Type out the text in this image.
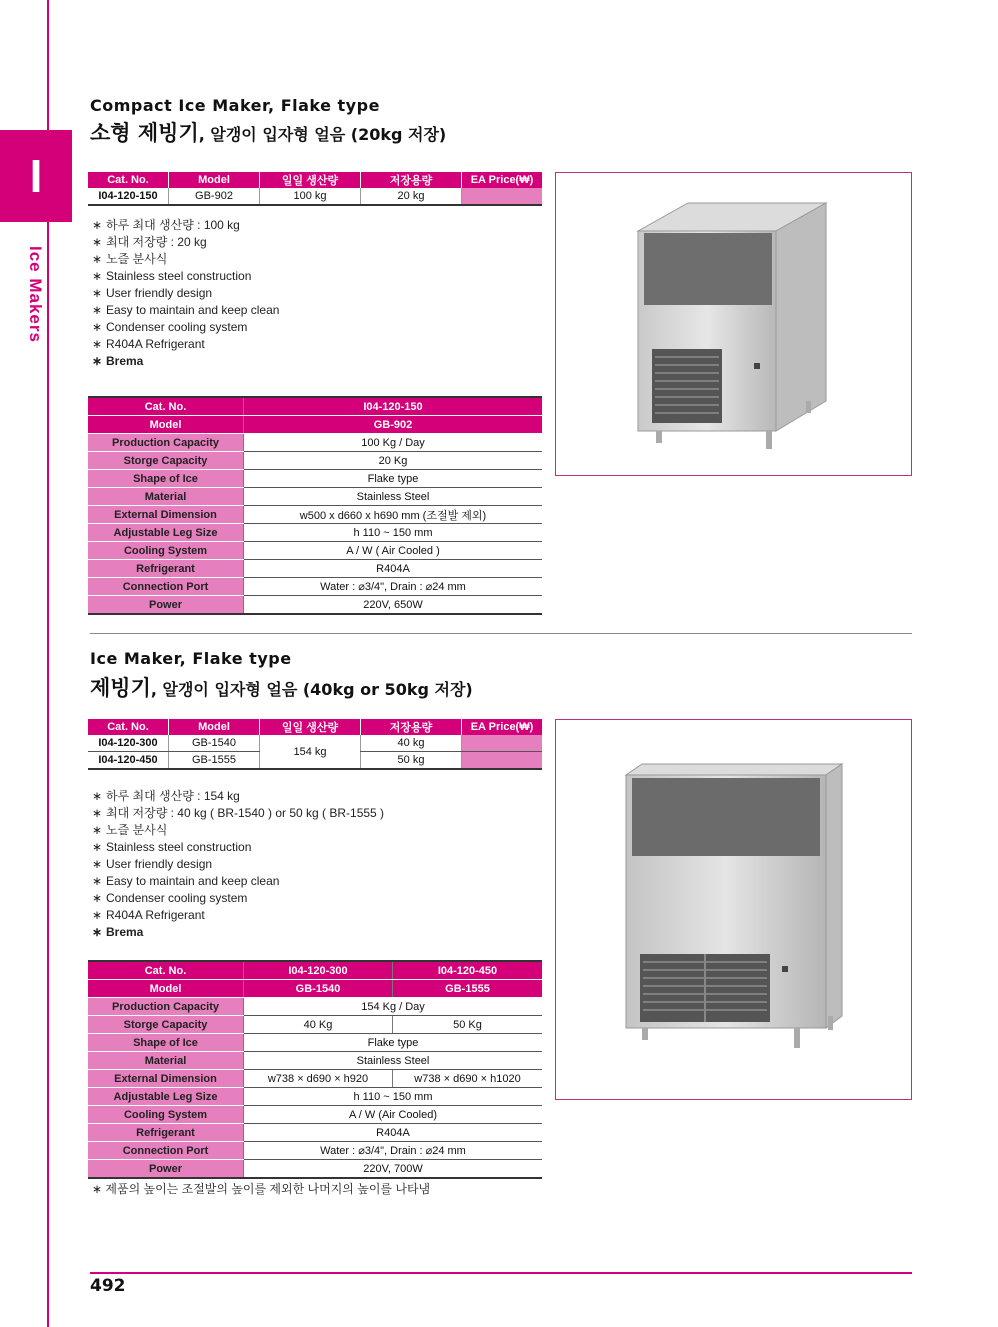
I
Ice Makers
Compact Ice Maker, Flake type
소형 제빙기, 알갱이 입자형 얼음 (20kg 저장)
Cat. No.	Model	일일 생산량	저장용량	EA Price(₩)
I04-120-150	GB-902	100 kg	20 kg	
∗ 하루 최대 생산량 : 100 kg
∗ 최대 저장량 : 20 kg
∗ 노즐 분사식
∗ Stainless steel construction
∗ User friendly design
∗ Easy to maintain and keep clean
∗ Condenser cooling system
∗ R404A Refrigerant
∗ Brema
Cat. No.	I04-120-150
Model	GB-902
Production Capacity	100 Kg / Day
Storge Capacity	20 Kg
Shape of Ice	Flake type
Material	Stainless Steel
External Dimension	w500 x d660 x h690 mm (조절발 제외)
Adjustable Leg Size	h 110 ~ 150 mm
Cooling System	A / W ( Air Cooled )
Refrigerant	R404A
Connection Port	Water : ⌀3/4", Drain : ⌀24 mm
Power	220V, 650W
Ice Maker, Flake type
제빙기, 알갱이 입자형 얼음 (40kg or 50kg 저장)
Cat. No.	Model	일일 생산량	저장용량	EA Price(₩)
I04-120-300	GB-1540	154 kg	40 kg	
I04-120-450	GB-1555		50 kg	
∗ 하루 최대 생산량 : 154 kg
∗ 최대 저장량 : 40 kg ( BR-1540 ) or 50 kg ( BR-1555 )
∗ 노즐 분사식
∗ Stainless steel construction
∗ User friendly design
∗ Easy to maintain and keep clean
∗ Condenser cooling system
∗ R404A Refrigerant
∗ Brema
Cat. No.	I04-120-300	I04-120-450
Model	GB-1540	GB-1555
Production Capacity	154 Kg / Day	
Storge Capacity	40 Kg	50 Kg
Shape of Ice	Flake type	
Material	Stainless Steel	
External Dimension	w738 × d690 × h920	w738 × d690 × h1020
Adjustable Leg Size	h 110 ~ 150 mm	
Cooling System	A / W (Air Cooled)	
Refrigerant	R404A	
Connection Port	Water : ⌀3/4", Drain : ⌀24 mm	
Power	220V, 700W	
∗ 제품의 높이는 조절발의 높이를 제외한 나머지의 높이를 나타냄
492
